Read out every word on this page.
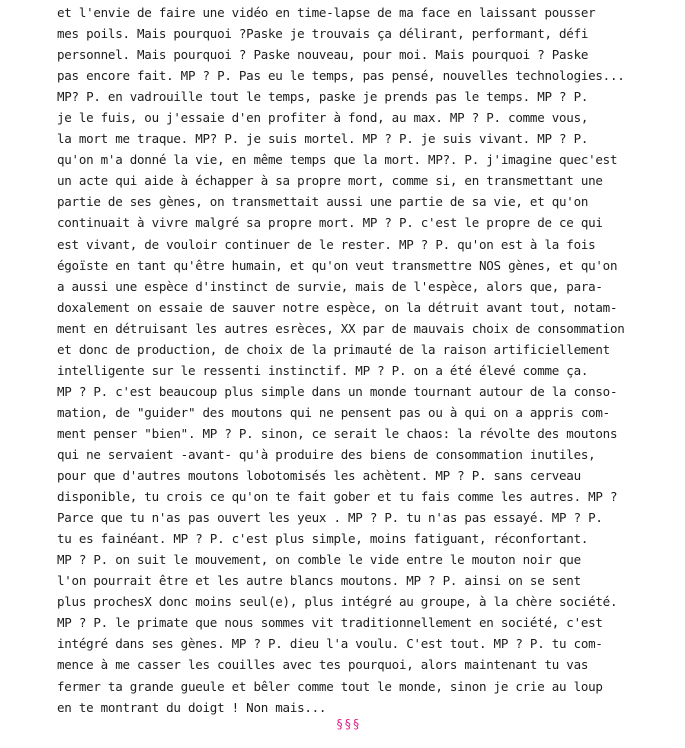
et l'envie de faire une vidéo en time-lapse de ma face en laissant pousser
mes poils. Mais pourquoi ?Paske je trouvais ça délirant, performant, défi
personnel. Mais pourquoi ? Paske nouveau, pour moi. Mais pourquoi ? Paske
pas encore fait. MP ? P. Pas eu le temps, pas pensé, nouvelles technologies...
MP? P. en vadrouille tout le temps, paske je prends pas le temps. MP ? P.
je le fuis, ou j'essaie d'en profiter à fond, au max. MP ? P. comme vous,
la mort me traque. MP? P. je suis mortel. MP ? P. je suis vivant. MP ? P.
qu'on m'a donné la vie, en même temps que la mort. MP?. P. j'imagine quec'est
un acte qui aide à échapper à sa propre mort, comme si, en transmettant une
partie de ses gènes, on transmettait aussi une partie de sa vie, et qu'on
continuait à vivre malgré sa propre mort. MP ? P. c'est le propre de ce qui
est vivant, de vouloir continuer de le rester. MP ? P. qu'on est à la fois
égoïste en tant qu'être humain, et qu'on veut transmettre NOS gènes, et qu'on
a aussi une espèce d'instinct de survie, mais de l'espèce, alors que, para-
doxalement on essaie de sauver notre espèce, on la détruit avant tout, notam-
ment en détruisant les autres esrèces, XX par de mauvais choix de consommation
et donc de production, de choix de la primauté de la raison artificiellement
intelligente sur le ressenti instinctif. MP ? P. on a été élevé comme ça.
MP ? P. c'est beaucoup plus simple dans un monde tournant autour de la conso-
mation, de "guider" des moutons qui ne pensent pas ou à qui on a appris com-
ment penser "bien". MP ? P. sinon, ce serait le chaos: la révolte des moutons
qui ne servaient -avant- qu'à produire des biens de consommation inutiles,
pour que d'autres moutons lobotomisés les achètent. MP ? P. sans cerveau
disponible, tu crois ce qu'on te fait gober et tu fais comme les autres. MP ?
Parce que tu n'as pas ouvert les yeux . MP ? P. tu n'as pas essayé. MP ? P.
tu es fainéant. MP ? P. c'est plus simple, moins fatiguant, réconfortant.
MP ? P. on suit le mouvement, on comble le vide entre le mouton noir que
l'on pourrait être et les autre blancs moutons. MP ? P. ainsi on se sent
plus prochesX donc moins seul(e), plus intégré au groupe, à la chère société.
MP ? P. le primate que nous sommes vit traditionnellement en société, c'est
intégré dans ses gènes. MP ? P. dieu l'a voulu. C'est tout. MP ? P. tu com-
mence à me casser les couilles avec tes pourquoi, alors maintenant tu vas
fermer ta grande gueule et bêler comme tout le monde, sinon je crie au loup
en te montrant du doigt ! Non mais...
§§§
